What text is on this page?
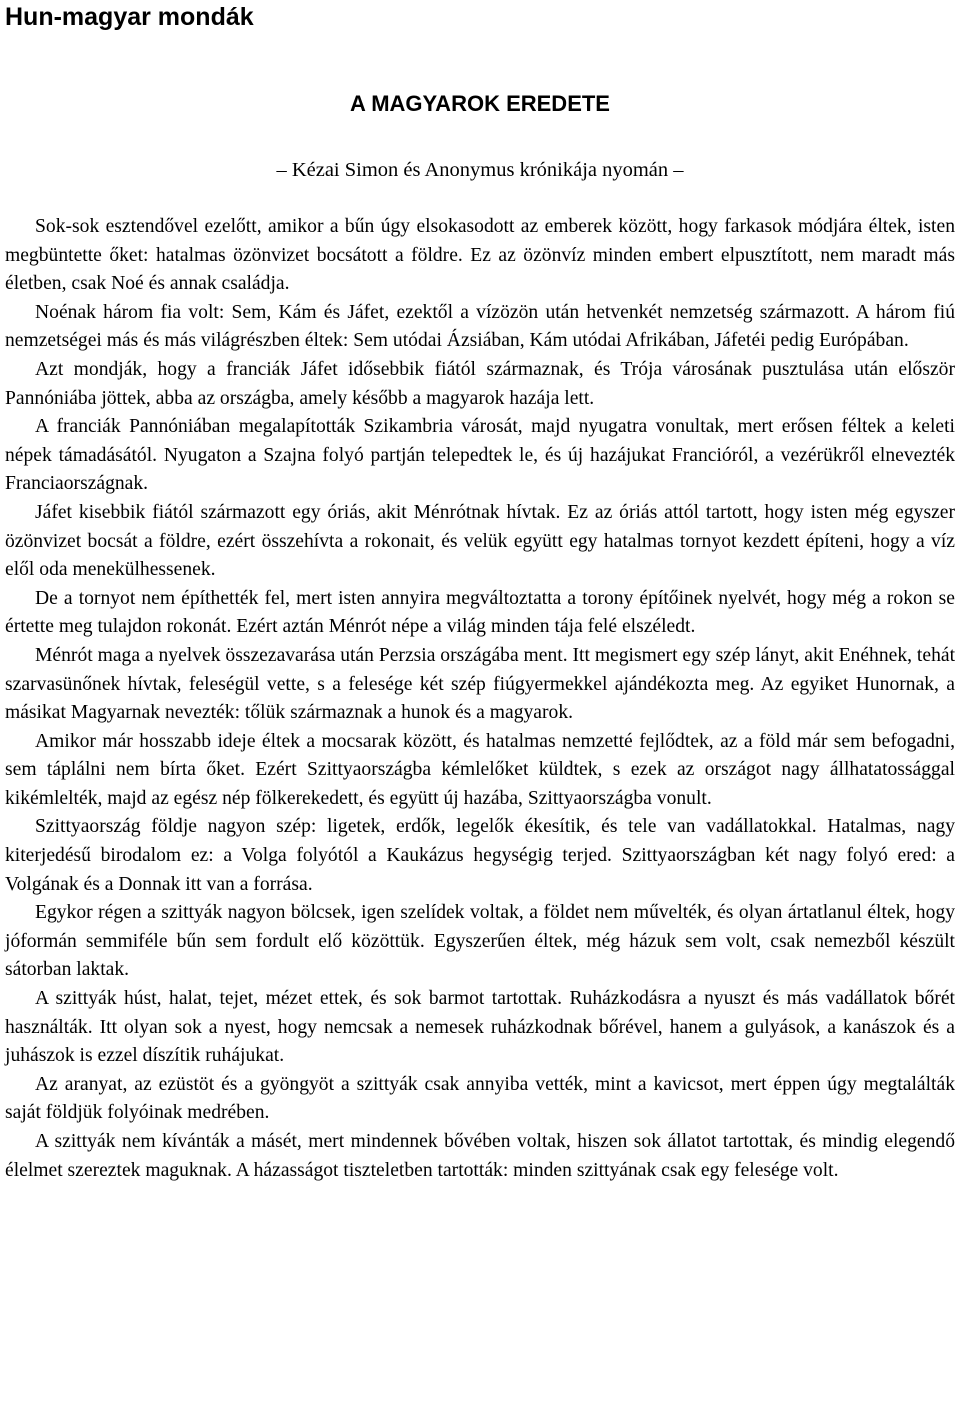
Hun-magyar mondák
A MAGYAROK EREDETE

– Kézai Simon és Anonymus krónikája nyomán –

Sok-sok esztendővel ezelőtt, amikor a bűn úgy elsokasodott az emberek között, hogy farkasok módjára éltek, isten megbüntette őket: hatalmas özönvizet bocsátott a földre. Ez az özönvíz minden embert elpusztított, nem maradt más életben, csak Noé és annak családja.

Noénak három fia volt: Sem, Kám és Jáfet, ezektől a vízözön után hetvenkét nemzetség származott. A három fiú nemzetségei más és más világrészben éltek: Sem utódai Ázsiában, Kám utódai Afrikában, Jáfetéi pedig Európában.

Azt mondják, hogy a franciák Jáfet idősebbik fiától származnak, és Trója városának pusztulása után először Pannóniába jöttek, abba az országba, amely később a magyarok hazája lett.

A franciák Pannóniában megalapították Szikambria városát, majd nyugatra vonultak, mert erősen féltek a keleti népek támadásától. Nyugaton a Szajna folyó partján telepedtek le, és új hazájukat Francióról, a vezérükről elnevezték Franciaországnak.

Jáfet kisebbik fiától származott egy óriás, akit Ménrótnak hívtak. Ez az óriás attól tartott, hogy isten még egyszer özönvizet bocsát a földre, ezért összehívta a rokonait, és velük együtt egy hatalmas tornyot kezdett építeni, hogy a víz elől oda menekülhessenek.

De a tornyot nem építhették fel, mert isten annyira megváltoztatta a torony építőinek nyelvét, hogy még a rokon se értette meg tulajdon rokonát. Ezért aztán Ménrót népe a világ minden tája felé elszéledt.

Ménrót maga a nyelvek összezavarása után Perzsia országába ment. Itt megismert egy szép lányt, akit Enéhnek, tehát szarvasünőnek hívtak, feleségül vette, s a felesége két szép fiúgyermekkel ajándékozta meg. Az egyiket Hunornak, a másikat Magyarnak nevezték: tőlük származnak a hunok és a magyarok.

Amikor már hosszabb ideje éltek a mocsarak között, és hatalmas nemzetté fejlődtek, az a föld már sem befogadni, sem táplálni nem bírta őket. Ezért Szittyaországba kémlelőket küldtek, s ezek az országot nagy állhatatossággal kikémlelték, majd az egész nép fölkerekedett, és együtt új hazába, Szittyaországba vonult.

Szittyaország földje nagyon szép: ligetek, erdők, legelők ékesítik, és tele van vadállatokkal. Hatalmas, nagy kiterjedésű birodalom ez: a Volga folyótól a Kaukázus hegységig terjed. Szittyaországban két nagy folyó ered: a Volgának és a Donnak itt van a forrása.

Egykor régen a szittyák nagyon bölcsek, igen szelídek voltak, a földet nem művelték, és olyan ártatlanul éltek, hogy jóformán semmiféle bűn sem fordult elő közöttük. Egyszerűen éltek, még házuk sem volt, csak nemezből készült sátorban laktak.

A szittyák húst, halat, tejet, mézet ettek, és sok barmot tartottak. Ruházkodásra a nyuszt és más vadállatok bőrét használták. Itt olyan sok a nyest, hogy nemcsak a nemesek ruházkodnak bőrével, hanem a gulyások, a kanászok és a juhászok is ezzel díszítik ruhájukat.

Az aranyat, az ezüstöt és a gyöngyöt a szittyák csak annyiba vették, mint a kavicsot, mert éppen úgy megtalálták saját földjük folyóinak medrében.

A szittyák nem kívánták a másét, mert mindennek bővében voltak, hiszen sok állatot tartottak, és mindig elegendő élelmet szereztek maguknak. A házasságot tiszteletben tartották: minden szittyának csak egy felesége volt.
